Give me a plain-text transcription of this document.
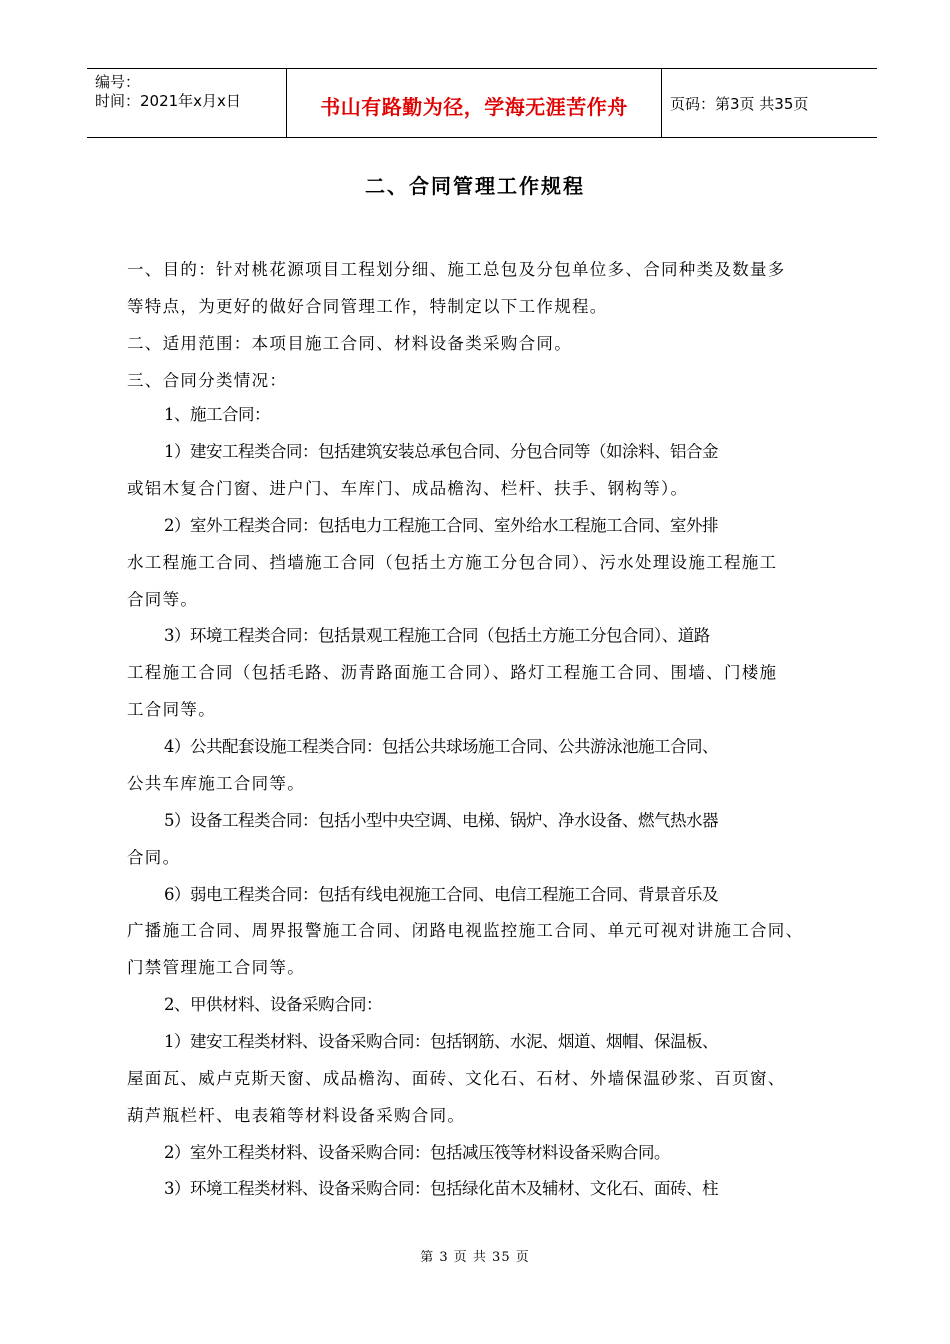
编号：
时间：2021年x月x日	书山有路勤为径，学海无涯苦作舟	页码：第3页 共35页
二、合同管理工作规程
一、目的：针对桃花源项目工程划分细、施工总包及分包单位多、合同种类及数量多
等特点，为更好的做好合同管理工作，特制定以下工作规程。
二、适用范围：本项目施工合同、材料设备类采购合同。
三、合同分类情况：
1、施工合同：
1）建安工程类合同：包括建筑安装总承包合同、分包合同等（如涂料、铝合金
或铝木复合门窗、进户门、车库门、成品檐沟、栏杆、扶手、钢构等）。
2）室外工程类合同：包括电力工程施工合同、室外给水工程施工合同、室外排
水工程施工合同、挡墙施工合同（包括土方施工分包合同）、污水处理设施工程施工
合同等。
3）环境工程类合同：包括景观工程施工合同（包括土方施工分包合同）、道路
工程施工合同（包括毛路、沥青路面施工合同）、路灯工程施工合同、围墙、门楼施
工合同等。
4）公共配套设施工程类合同：包括公共球场施工合同、公共游泳池施工合同、
公共车库施工合同等。
5）设备工程类合同：包括小型中央空调、电梯、锅炉、净水设备、燃气热水器
合同。
6）弱电工程类合同：包括有线电视施工合同、电信工程施工合同、背景音乐及
广播施工合同、周界报警施工合同、闭路电视监控施工合同、单元可视对讲施工合同、
门禁管理施工合同等。
2、甲供材料、设备采购合同：
1）建安工程类材料、设备采购合同：包括钢筋、水泥、烟道、烟帽、保温板、
屋面瓦、威卢克斯天窗、成品檐沟、面砖、文化石、石材、外墙保温砂浆、百页窗、
葫芦瓶栏杆、电表箱等材料设备采购合同。
2）室外工程类材料、设备采购合同：包括减压筏等材料设备采购合同。
3）环境工程类材料、设备采购合同：包括绿化苗木及辅材、文化石、面砖、柱
第 3 页 共 35 页
